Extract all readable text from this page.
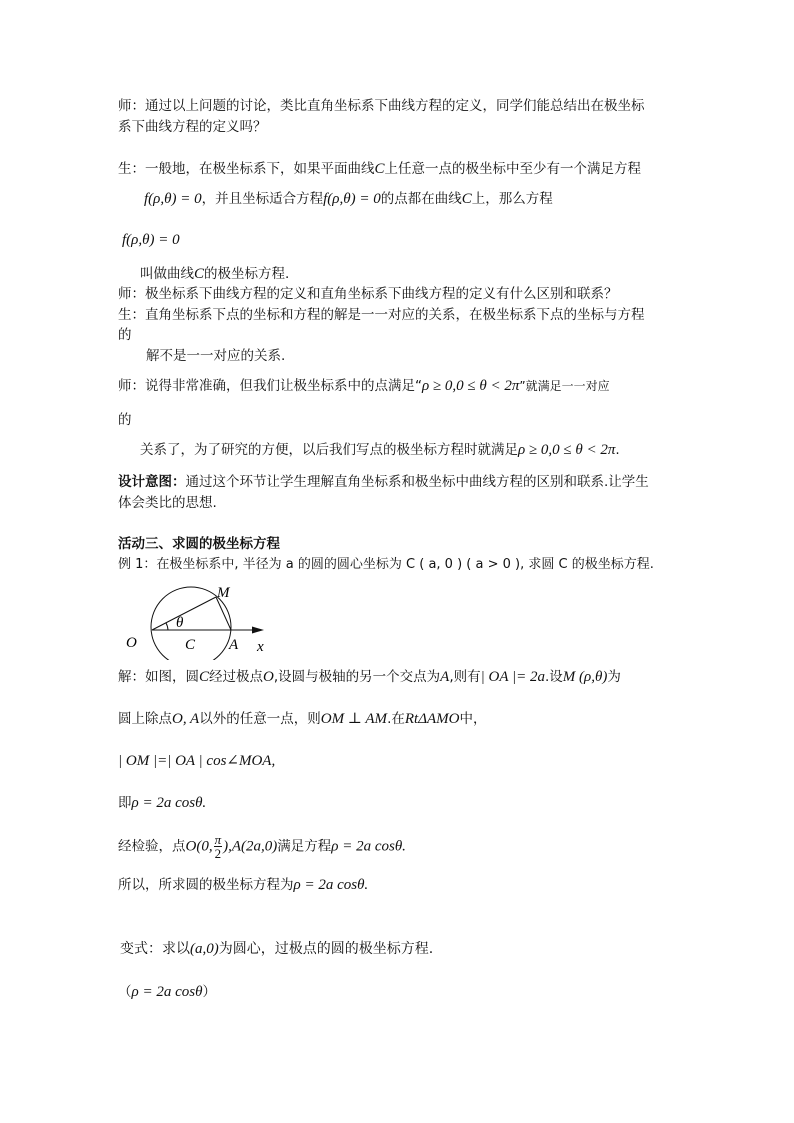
师：通过以上问题的讨论，类比直角坐标系下曲线方程的定义，同学们能总结出在极坐标
系下曲线方程的定义吗？
生：一般地，在极坐标系下，如果平面曲线C上任意一点的极坐标中至少有一个满足方程
f(ρ,θ) = 0，并且坐标适合方程f(ρ,θ) = 0的点都在曲线C上，那么方程
f(ρ,θ) = 0
叫做曲线C的极坐标方程.
师：极坐标系下曲线方程的定义和直角坐标系下曲线方程的定义有什么区别和联系？
生：直角坐标系下点的坐标和方程的解是一一对应的关系，在极坐标系下点的坐标与方程
的
解不是一一对应的关系.
师：说得非常准确，但我们让极坐标系中的点满足“ρ ≥ 0,0 ≤ θ < 2π”就满足一一对应
的
关系了，为了研究的方便，以后我们写点的极坐标方程时就满足ρ ≥ 0,0 ≤ θ < 2π.
设计意图：通过这个环节让学生理解直角坐标系和极坐标中曲线方程的区别和联系.让学生
体会类比的思想.
活动三、求圆的极坐标方程
例 1：在极坐标系中, 半径为 a 的圆的圆心坐标为 C ( a, 0 ) ( a > 0 ), 求圆 C 的极坐标方程.
M
θ
O	C A x
解：如图，圆C经过极点O,设圆与极轴的另一个交点为A,则有| OA |= 2a.设M (ρ,θ)为
圆上除点O, A以外的任意一点，则OM ⊥ AM.在RtΔAMO中，
| OM |=| OA | cos∠MOA,
即ρ = 2a cosθ.
经检验，点O(0, $\frac{\pi}{2} ),A(2a,0)$满足方程ρ = 2a cosθ.
所以，所求圆的极坐标方程为ρ = 2a cosθ.
变式：求以(a,0)为圆心，过极点的圆的极坐标方程.
（ρ = 2a cosθ）
